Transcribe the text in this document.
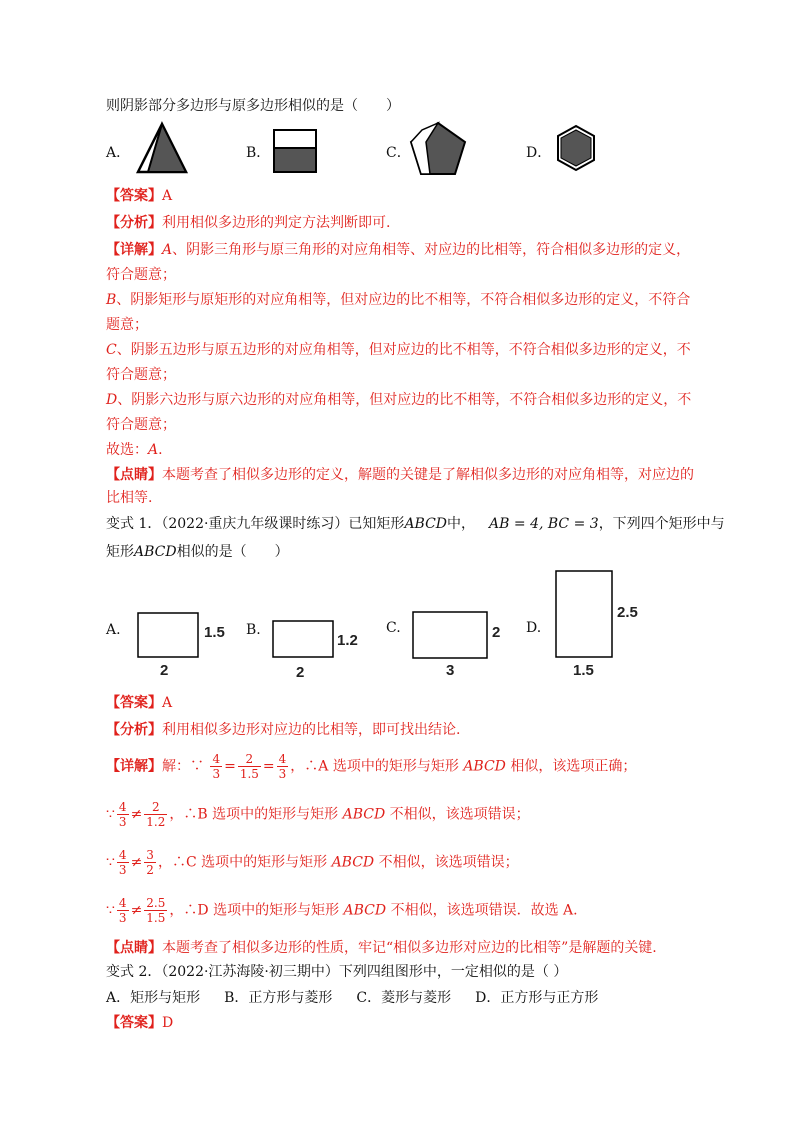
则阴影部分多边形与原多边形相似的是（　　）
A．	B．	C．	D．
【答案】A
【分析】利用相似多边形的判定方法判断即可.
【详解】A、阴影三角形与原三角形的对应角相等、对应边的比相等，符合相似多边形的定义，
符合题意；
B、阴影矩形与原矩形的对应角相等，但对应边的比不相等，不符合相似多边形的定义，不符合
题意；
C、阴影五边形与原五边形的对应角相等，但对应边的比不相等，不符合相似多边形的定义，不
符合题意；
D、阴影六边形与原六边形的对应角相等，但对应边的比不相等，不符合相似多边形的定义，不
符合题意；
故选：A.
【点睛】本题考查了相似多边形的定义，解题的关键是了解相似多边形的对应角相等，对应边的
比相等.
变式 1．（2022·重庆九年级课时练习）已知矩形ABCD中， AB = 4, BC = 3，下列四个矩形中与
矩形ABCD相似的是（　　）
A.	1.5
2
B.
1.2
2
C.	2
3
D.
2.5
1.5
【答案】A
【分析】利用相似多边形对应边的比相等，即可找出结论.
【详解】解：∵ $\frac{4}{3} = \frac{2}{1.5} = \frac{4}{3}$ ，∴A 选项中的矩形与矩形 ABCD 相似，该选项正确；
∵ $\frac{4}{3} \ne \frac{2}{1.2}$ ，∴B 选项中的矩形与矩形 ABCD 不相似，该选项错误；
∵ $\frac{4}{3} \ne \frac{3}{2}$ ，∴C 选项中的矩形与矩形 ABCD 不相似，该选项错误；
∵ $\frac{4}{3} \ne \frac{2.5}{1.5}$ ，∴D 选项中的矩形与矩形 ABCD 不相似，该选项错误．故选 A.
【点睛】本题考查了相似多边形的性质，牢记“相似多边形对应边的比相等”是解题的关键.
变式 2．（2022·江苏海陵·初三期中）下列四组图形中，一定相似的是（ ）
A．矩形与矩形 B．正方形与菱形 C．菱形与菱形 D．正方形与正方形
【答案】D
